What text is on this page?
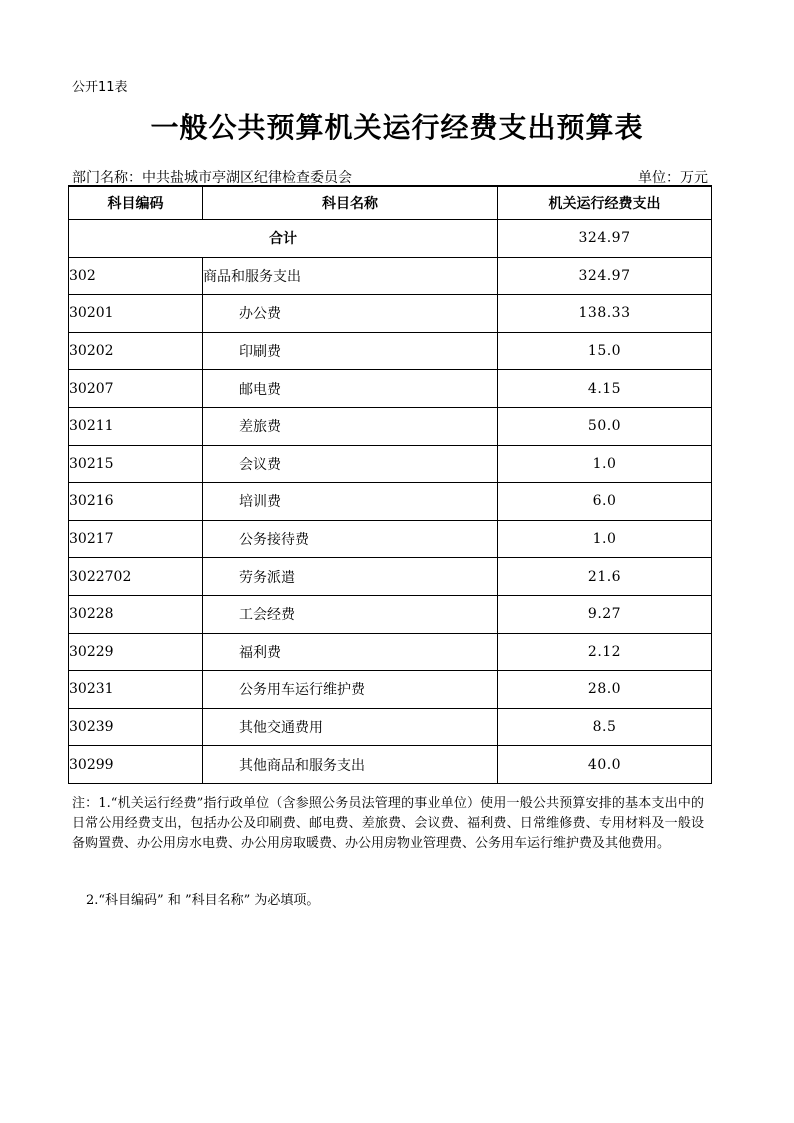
公开11表
一般公共预算机关运行经费支出预算表
部门名称：中共盐城市亭湖区纪律检查委员会	单位：万元
科目编码	科目名称	机关运行经费支出
合计		324.97
302	商品和服务支出	324.97
30201	办公费	138.33
30202	印刷费	15.0
30207	邮电费	4.15
30211	差旅费	50.0
30215	会议费	1.0
30216	培训费	6.0
30217	公务接待费	1.0
3022702	劳务派遣	21.6
30228	工会经费	9.27
30229	福利费	2.12
30231	公务用车运行维护费	28.0
30239	其他交通费用	8.5
30299	其他商品和服务支出	40.0
注：1.“机关运行经费”指行政单位（含参照公务员法管理的事业单位）使用一般公共预算安排的基本支出中的日常公用经费支出，包括办公及印刷费、邮电费、差旅费、会议费、福利费、日常维修费、专用材料及一般设备购置费、办公用房水电费、办公用房取暖费、办公用房物业管理费、公务用车运行维护费及其他费用。
2.“科目编码” 和 ”科目名称” 为必填项。
